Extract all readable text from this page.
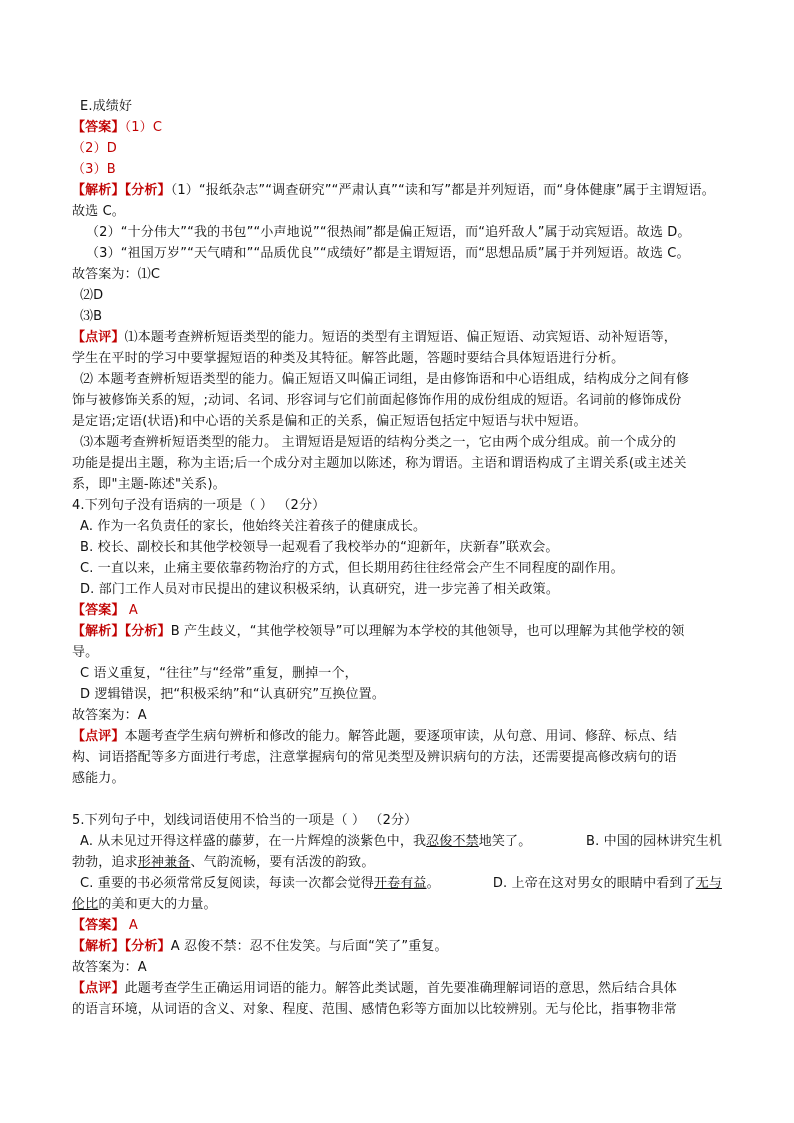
E.成绩好
【答案】（1）C
（2）D
（3）B
【解析】【分析】（1）“报纸杂志”“调查研究”“严肃认真”“读和写”都是并列短语，而“身体健康”属于主谓短语。
故选 C。
（2）“十分伟大”“我的书包”“小声地说”“很热闹”都是偏正短语，而“追歼敌人”属于动宾短语。故选 D。
（3）“祖国万岁”“天气晴和”“品质优良”“成绩好”都是主谓短语，而“思想品质”属于并列短语。故选 C。
故答案为：⑴C
⑵D
⑶B
【点评】⑴本题考查辨析短语类型的能力。短语的类型有主谓短语、偏正短语、动宾短语、动补短语等，
学生在平时的学习中要掌握短语的种类及其特征。解答此题，答题时要结合具体短语进行分析。
⑵ 本题考查辨析短语类型的能力。偏正短语又叫偏正词组，是由修饰语和中心语组成，结构成分之间有修
饰与被修饰关系的短，;动词、名词、形容词与它们前面起修饰作用的成份组成的短语。名词前的修饰成份
是定语;定语(状语)和中心语的关系是偏和正的关系，偏正短语包括定中短语与状中短语。
⑶本题考查辨析短语类型的能力。 主谓短语是短语的结构分类之一，它由两个成分组成。前一个成分的
功能是提出主题，称为主语;后一个成分对主题加以陈述，称为谓语。主语和谓语构成了主谓关系(或主述关
系，即"主题-陈述"关系)。
4.下列句子没有语病的一项是（ ） （2分）
A. 作为一名负责任的家长，他始终关注着孩子的健康成长。
B. 校长、副校长和其他学校领导一起观看了我校举办的“迎新年，庆新春”联欢会。
C. 一直以来，止痛主要依靠药物治疗的方式，但长期用药往往经常会产生不同程度的副作用。
D. 部门工作人员对市民提出的建议积极采纳，认真研究，进一步完善了相关政策。
【答案】 A
【解析】【分析】B 产生歧义，“其他学校领导”可以理解为本学校的其他领导，也可以理解为其他学校的领
导。
C 语义重复，“往往”与“经常”重复，删掉一个，
D 逻辑错误，把“积极采纳”和“认真研究”互换位置。
故答案为：A
【点评】本题考查学生病句辨析和修改的能力。解答此题，要逐项审读，从句意、用词、修辞、标点、结
构、词语搭配等多方面进行考虑，注意掌握病句的常见类型及辨识病句的方法，还需要提高修改病句的语
感能力。
5.下列句子中，划线词语使用不恰当的一项是（ ） （2分）
A. 从未见过开得这样盛的藤萝，在一片辉煌的淡紫色中，我忍俊不禁地笑了。	B. 中国的园林讲究生机
勃勃，追求形神兼备、气韵流畅，要有活泼的韵致。
C. 重要的书必须常常反复阅读，每读一次都会觉得开卷有益。	D. 上帝在这对男女的眼睛中看到了无与
伦比的美和更大的力量。
【答案】 A
【解析】【分析】A 忍俊不禁：忍不住发笑。与后面“笑了”重复。
故答案为：A
【点评】此题考查学生正确运用词语的能力。解答此类试题，首先要准确理解词语的意思，然后结合具体
的语言环境，从词语的含义、对象、程度、范围、感情色彩等方面加以比较辨别。无与伦比，指事物非常
